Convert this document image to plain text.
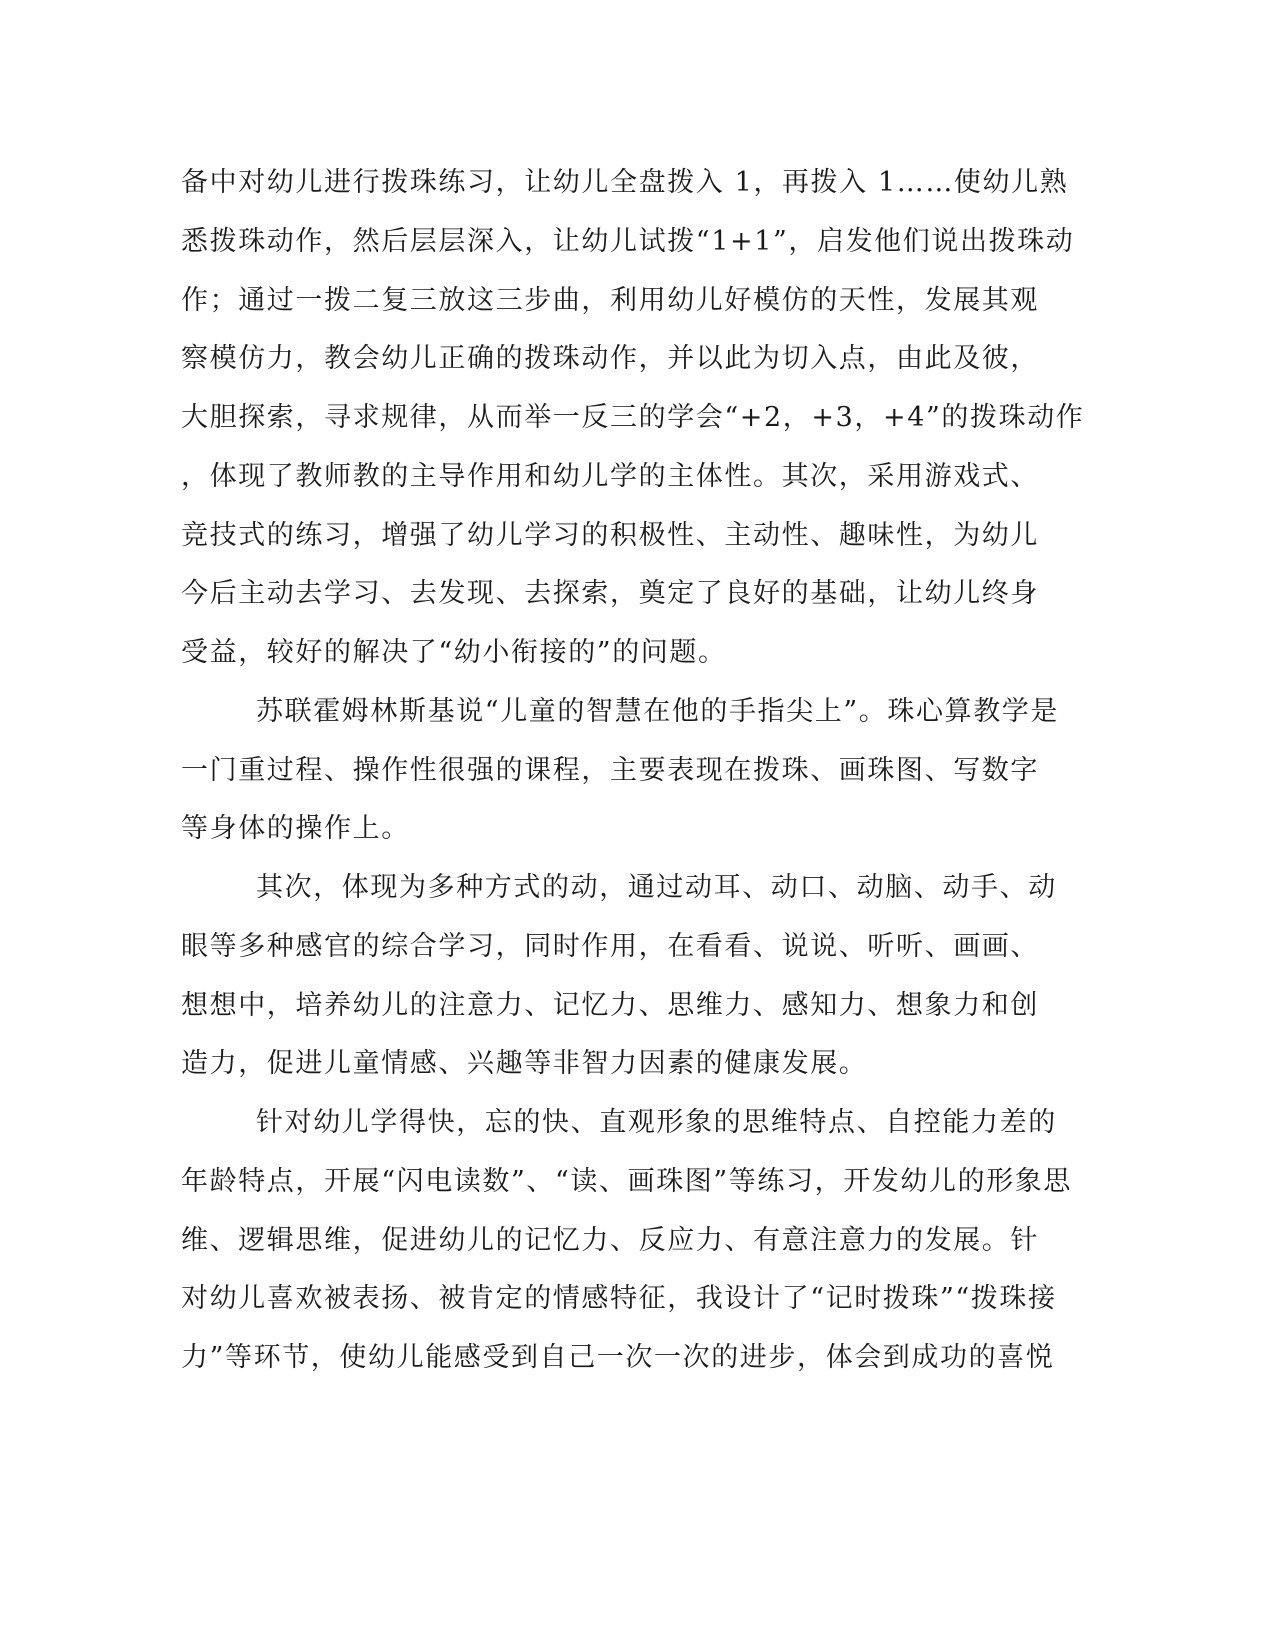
备中对幼儿进行拨珠练习，让幼儿全盘拨入 1，再拨入 1……使幼儿熟
悉拨珠动作，然后层层深入，让幼儿试拨“1+1”，启发他们说出拨珠动
作；通过一拨二复三放这三步曲，利用幼儿好模仿的天性，发展其观
察模仿力，教会幼儿正确的拨珠动作，并以此为切入点，由此及彼，
大胆探索，寻求规律，从而举一反三的学会“+2，+3，+4”的拨珠动作
，体现了教师教的主导作用和幼儿学的主体性。其次，采用游戏式、
竞技式的练习，增强了幼儿学习的积极性、主动性、趣味性，为幼儿
今后主动去学习、去发现、去探索，奠定了良好的基础，让幼儿终身
受益，较好的解决了“幼小衔接的”的问题。
苏联霍姆林斯基说“儿童的智慧在他的手指尖上”。珠心算教学是
一门重过程、操作性很强的课程，主要表现在拨珠、画珠图、写数字
等身体的操作上。
其次，体现为多种方式的动，通过动耳、动口、动脑、动手、动
眼等多种感官的综合学习，同时作用，在看看、说说、听听、画画、
想想中，培养幼儿的注意力、记忆力、思维力、感知力、想象力和创
造力，促进儿童情感、兴趣等非智力因素的健康发展。
针对幼儿学得快，忘的快、直观形象的思维特点、自控能力差的
年龄特点，开展“闪电读数”、“读、画珠图”等练习，开发幼儿的形象思
维、逻辑思维，促进幼儿的记忆力、反应力、有意注意力的发展。针
对幼儿喜欢被表扬、被肯定的情感特征，我设计了“记时拨珠”“拨珠接
力”等环节，使幼儿能感受到自己一次一次的进步，体会到成功的喜悦
